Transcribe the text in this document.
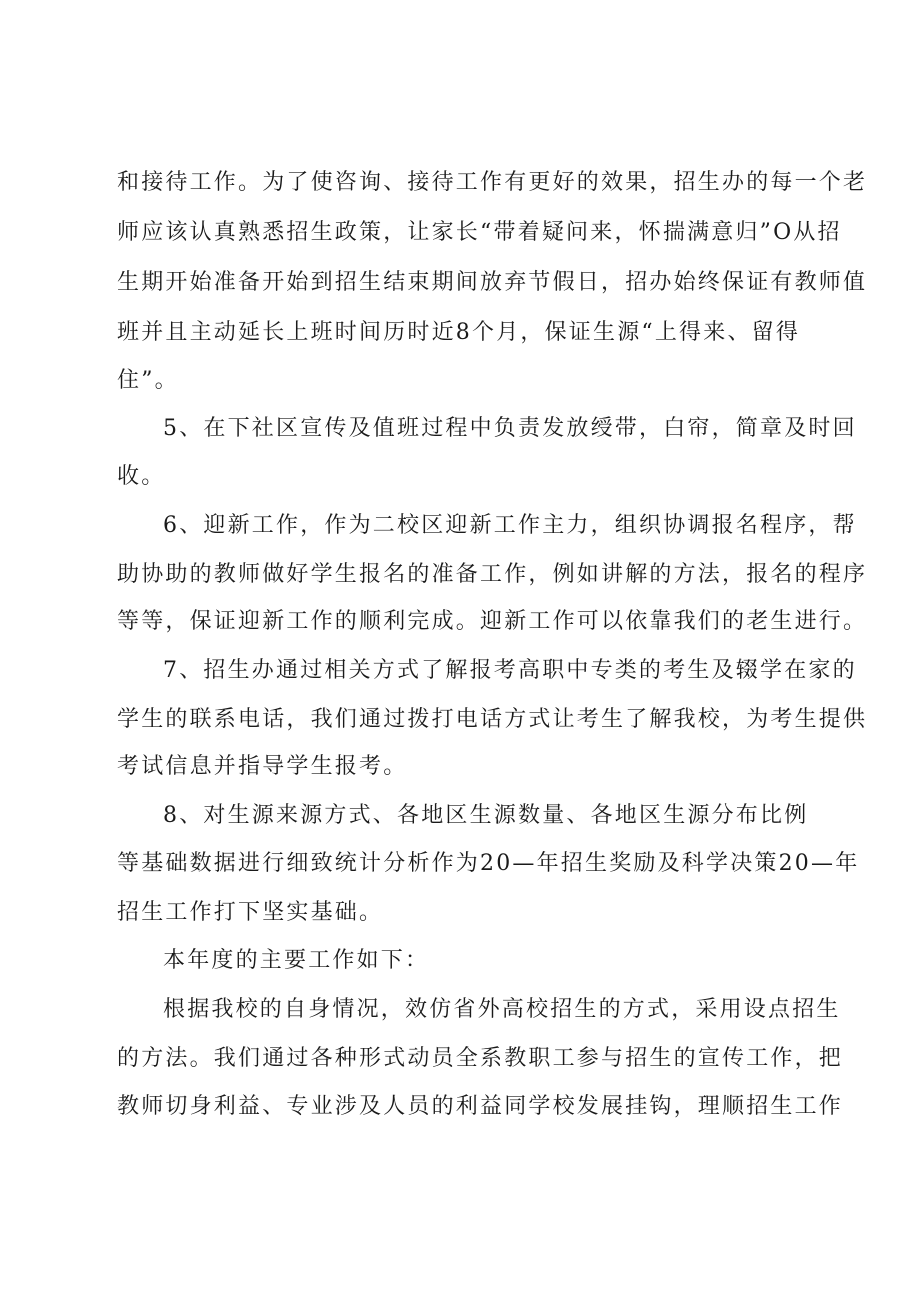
和接待工作。为了使咨询、接待工作有更好的效果，招生办的每一个老
师应该认真熟悉招生政策，让家长“带着疑问来，怀揣满意归”O从招
生期开始准备开始到招生结束期间放弃节假日，招办始终保证有教师值
班并且主动延长上班时间历时近8个月，保证生源“上得来、留得
住”。
5、在下社区宣传及值班过程中负责发放绶带，白帘，简章及时回
收。
6、迎新工作，作为二校区迎新工作主力，组织协调报名程序，帮
助协助的教师做好学生报名的准备工作，例如讲解的方法，报名的程序
等等，保证迎新工作的顺利完成。迎新工作可以依靠我们的老生进行。
7、招生办通过相关方式了解报考高职中专类的考生及辍学在家的
学生的联系电话，我们通过拨打电话方式让考生了解我校，为考生提供
考试信息并指导学生报考。
8、对生源来源方式、各地区生源数量、各地区生源分布比例
等基础数据进行细致统计分析作为20—年招生奖励及科学决策20—年
招生工作打下坚实基础。
本年度的主要工作如下：
根据我校的自身情况，效仿省外高校招生的方式，采用设点招生
的方法。我们通过各种形式动员全系教职工参与招生的宣传工作，把
教师切身利益、专业涉及人员的利益同学校发展挂钩，理顺招生工作
